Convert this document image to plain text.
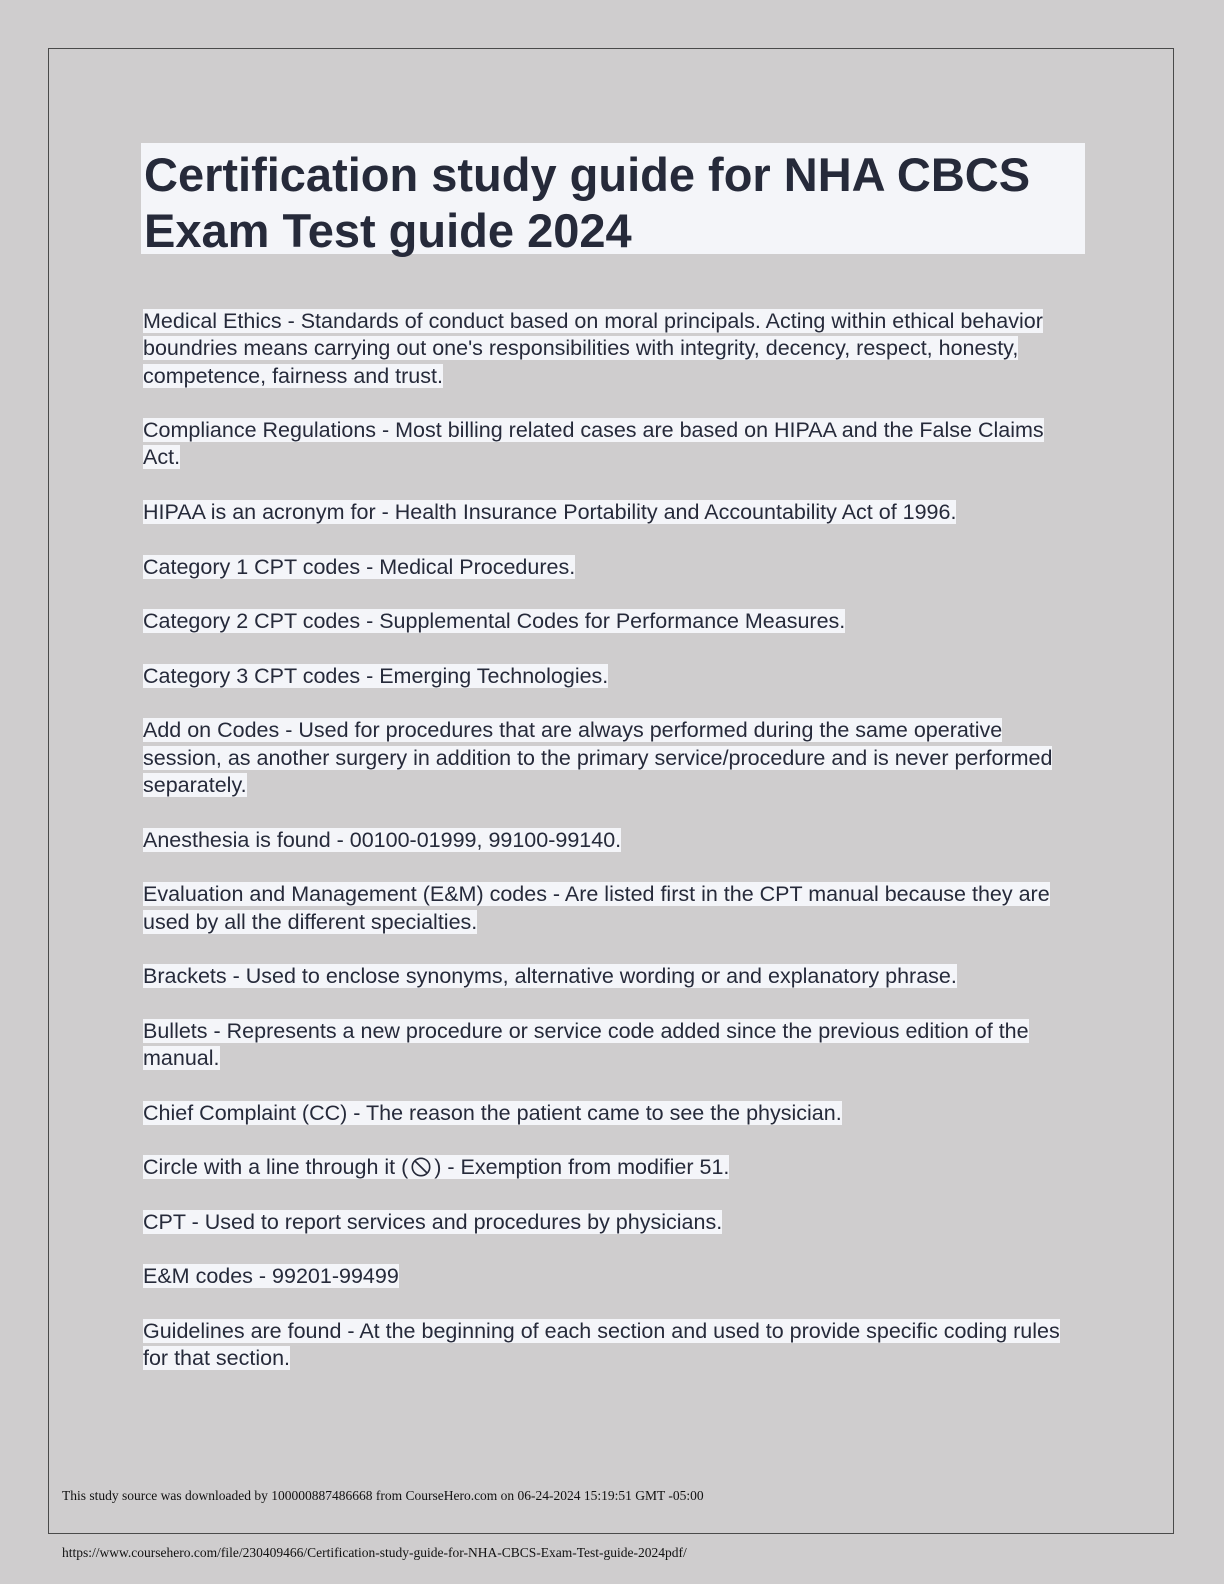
Certification study guide for NHA CBCS Exam Test guide 2024
Medical Ethics - Standards of conduct based on moral principals. Acting within ethical behavior boundries means carrying out one's responsibilities with integrity, decency, respect, honesty, competence, fairness and trust.
Compliance Regulations - Most billing related cases are based on HIPAA and the False Claims Act.
HIPAA is an acronym for - Health Insurance Portability and Accountability Act of 1996.
Category 1 CPT codes - Medical Procedures.
Category 2 CPT codes - Supplemental Codes for Performance Measures.
Category 3 CPT codes - Emerging Technologies.
Add on Codes - Used for procedures that are always performed during the same operative session, as another surgery in addition to the primary service/procedure and is never performed separately.
Anesthesia is found - 00100-01999, 99100-99140.
Evaluation and Management (E&M) codes - Are listed first in the CPT manual because they are used by all the different specialties.
Brackets - Used to enclose synonyms, alternative wording or and explanatory phrase.
Bullets - Represents a new procedure or service code added since the previous edition of the manual.
Chief Complaint (CC) - The reason the patient came to see the physician.
Circle with a line through it ( ) - Exemption from modifier 51.
CPT - Used to report services and procedures by physicians.
E&M codes - 99201-99499
Guidelines are found - At the beginning of each section and used to provide specific coding rules for that section.
This study source was downloaded by 100000887486668 from CourseHero.com on 06-24-2024 15:19:51 GMT -05:00
https://www.coursehero.com/file/230409466/Certification-study-guide-for-NHA-CBCS-Exam-Test-guide-2024pdf/
